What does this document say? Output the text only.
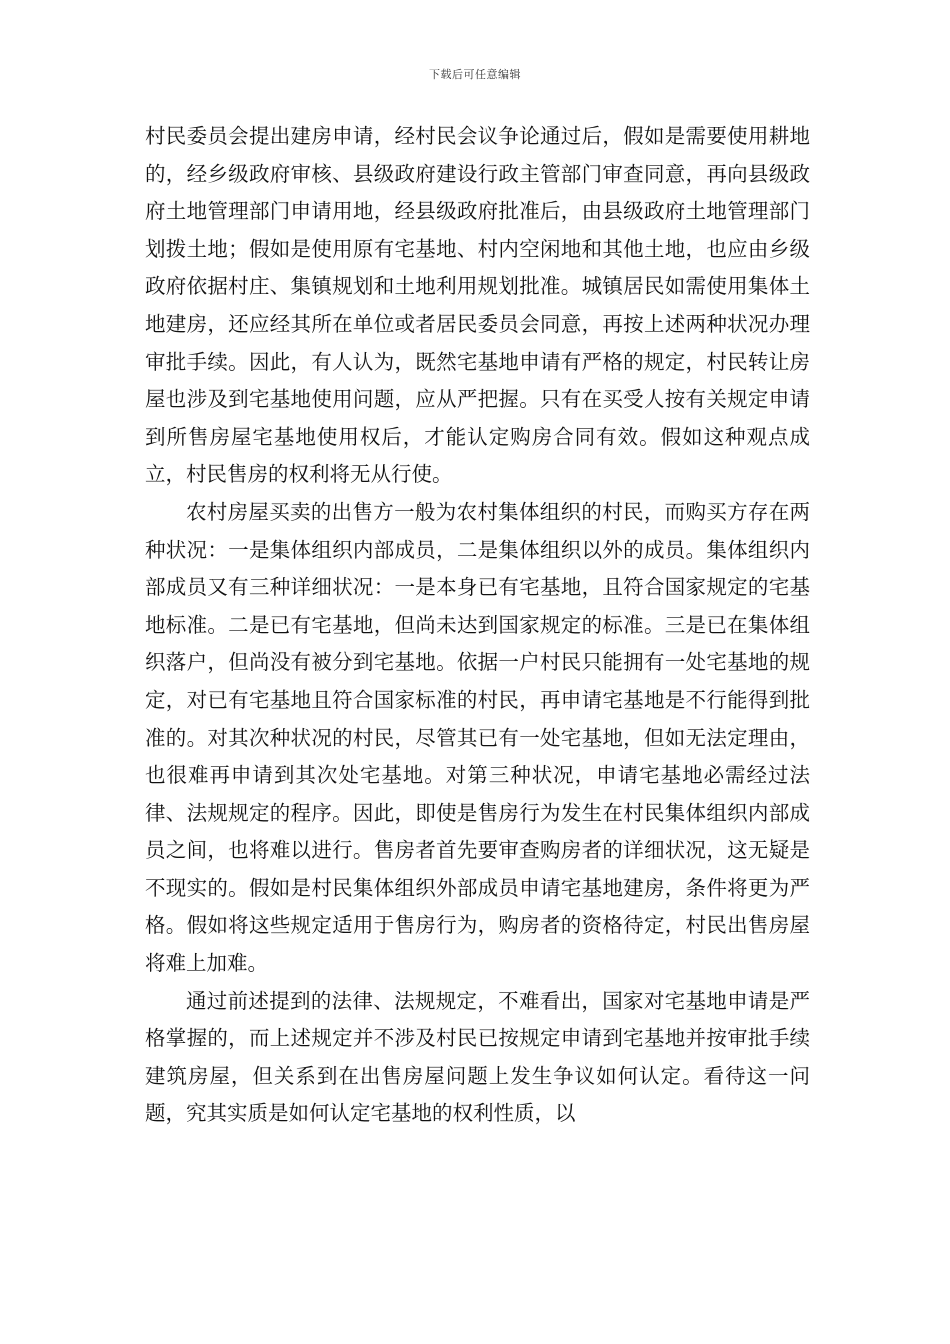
下载后可任意编辑

村民委员会提出建房申请，经村民会议争论通过后，假如是需要使用耕地的，经乡级政府审核、县级政府建设行政主管部门审查同意，再向县级政府土地管理部门申请用地，经县级政府批准后，由县级政府土地管理部门划拨土地；假如是使用原有宅基地、村内空闲地和其他土地，也应由乡级政府依据村庄、集镇规划和土地利用规划批准。城镇居民如需使用集体土地建房，还应经其所在单位或者居民委员会同意，再按上述两种状况办理审批手续。因此，有人认为，既然宅基地申请有严格的规定，村民转让房屋也涉及到宅基地使用问题，应从严把握。只有在买受人按有关规定申请到所售房屋宅基地使用权后，才能认定购房合同有效。假如这种观点成立，村民售房的权利将无从行使。

农村房屋买卖的出售方一般为农村集体组织的村民，而购买方存在两种状况：一是集体组织内部成员，二是集体组织以外的成员。集体组织内部成员又有三种详细状况：一是本身已有宅基地，且符合国家规定的宅基地标准。二是已有宅基地，但尚未达到国家规定的标准。三是已在集体组织落户，但尚没有被分到宅基地。依据一户村民只能拥有一处宅基地的规定，对已有宅基地且符合国家标准的村民，再申请宅基地是不行能得到批准的。对其次种状况的村民，尽管其已有一处宅基地，但如无法定理由，也很难再申请到其次处宅基地。对第三种状况，申请宅基地必需经过法律、法规规定的程序。因此，即使是售房行为发生在村民集体组织内部成员之间，也将难以进行。售房者首先要审查购房者的详细状况，这无疑是不现实的。假如是村民集体组织外部成员申请宅基地建房，条件将更为严格。假如将这些规定适用于售房行为，购房者的资格待定，村民出售房屋将难上加难。

通过前述提到的法律、法规规定，不难看出，国家对宅基地申请是严格掌握的，而上述规定并不涉及村民已按规定申请到宅基地并按审批手续建筑房屋，但关系到在出售房屋问题上发生争议如何认定。看待这一问题，究其实质是如何认定宅基地的权利性质，以
